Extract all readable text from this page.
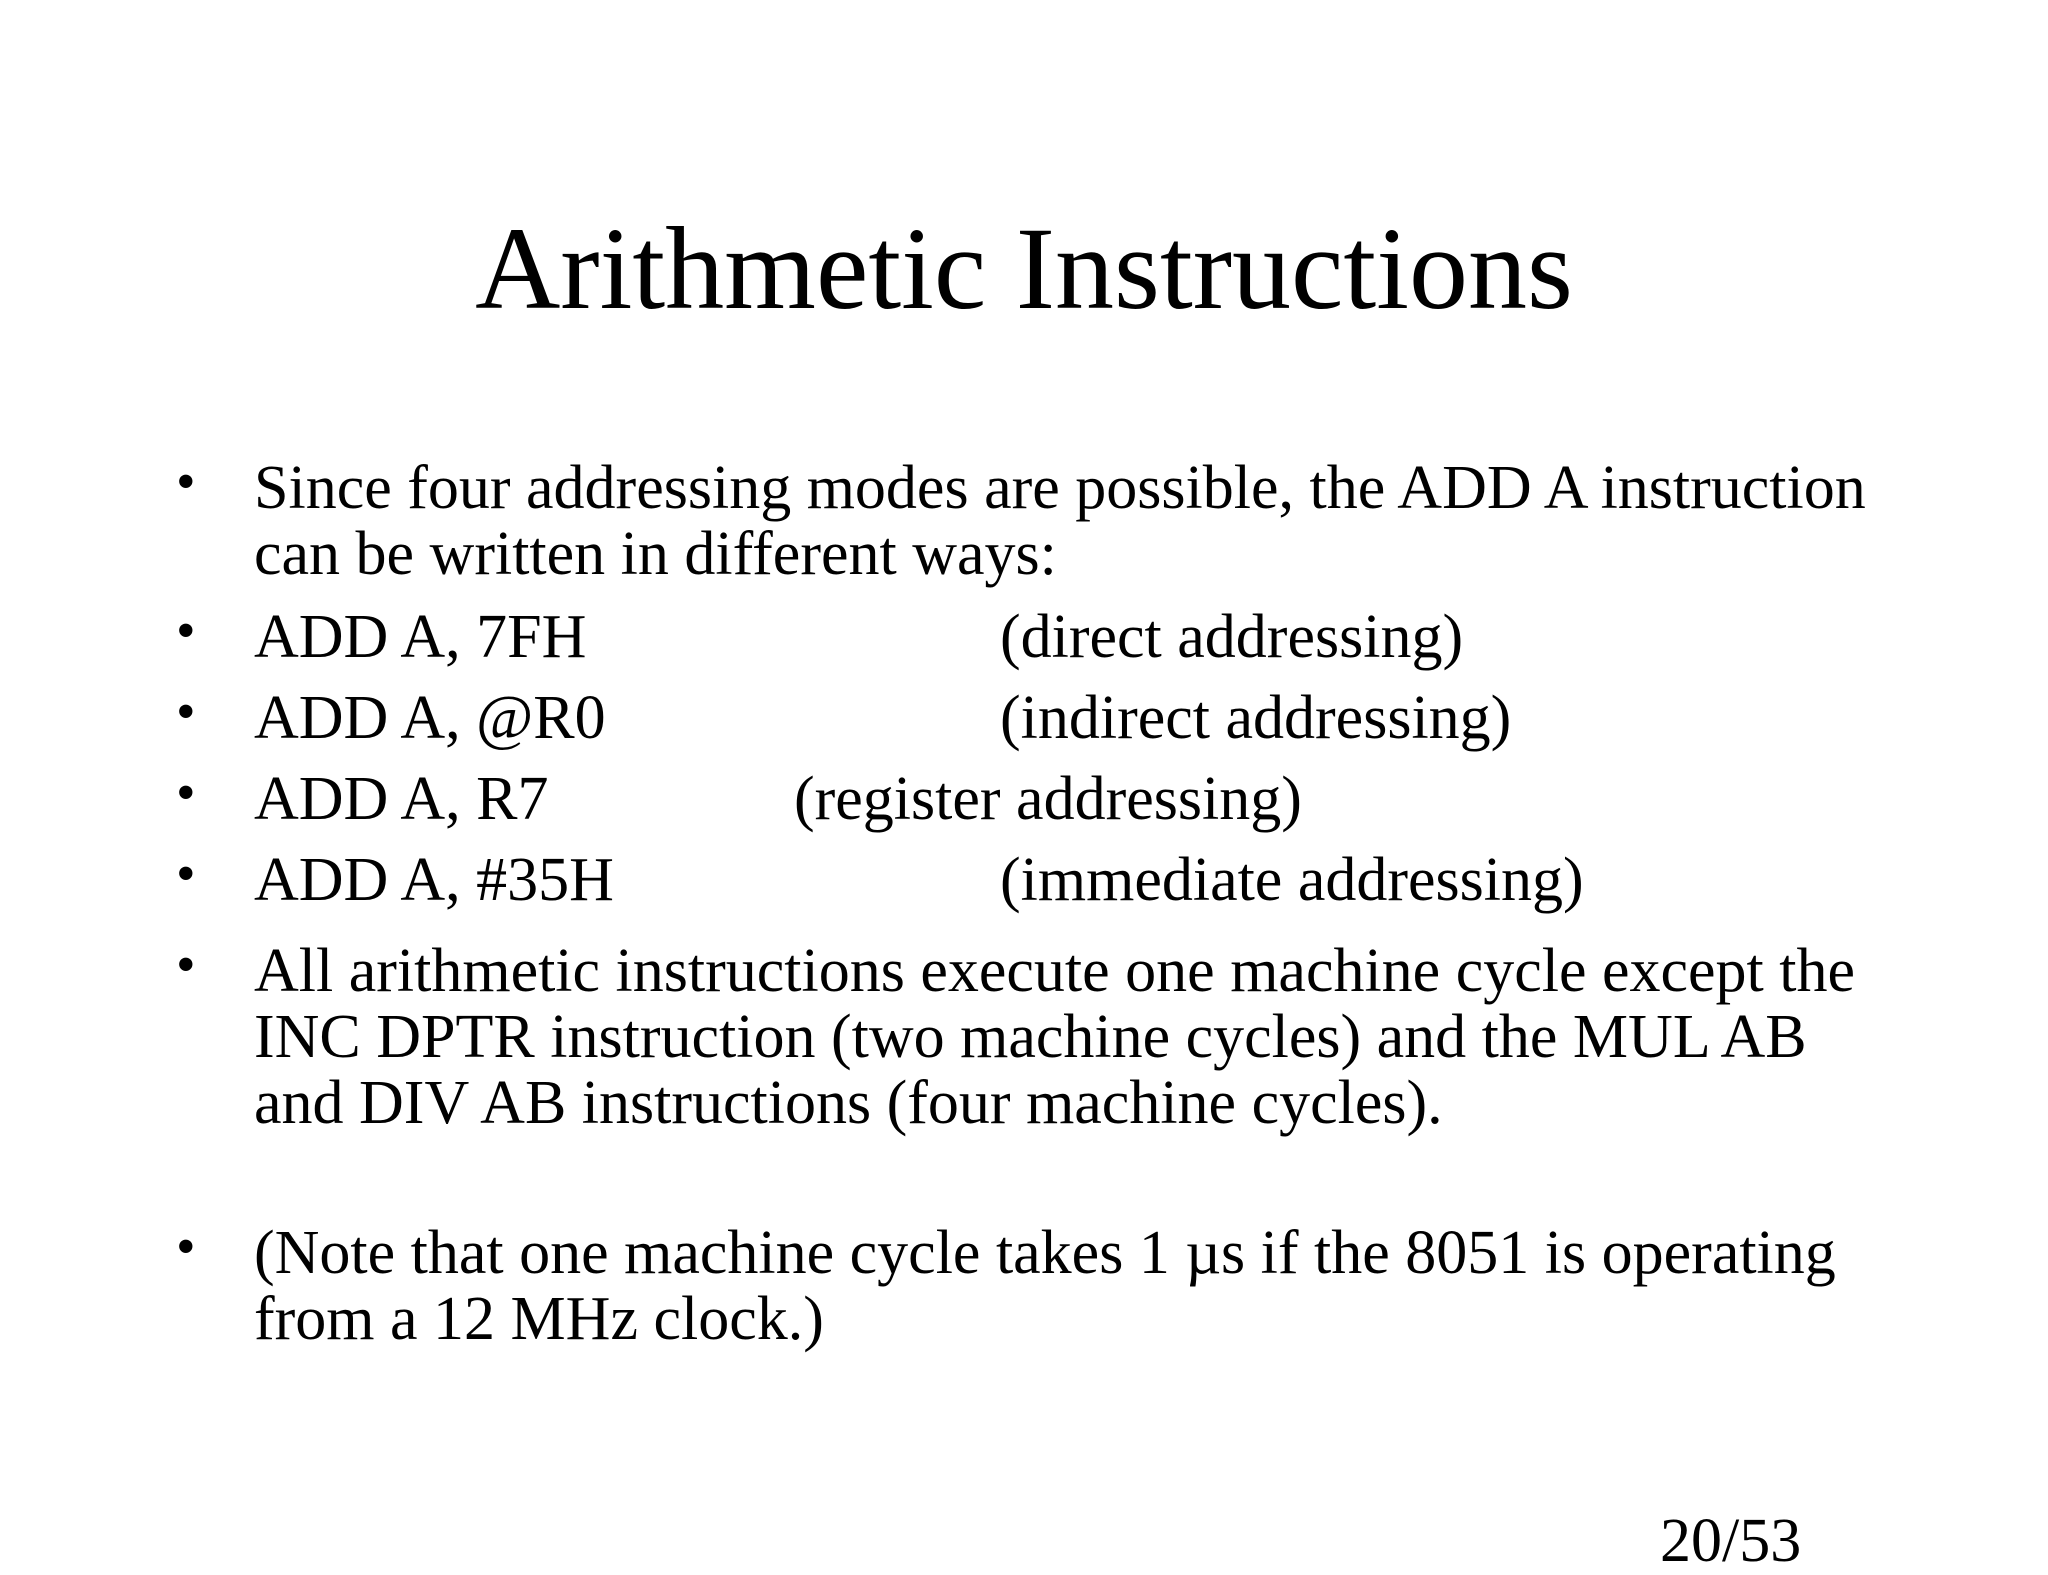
Arithmetic Instructions
• Since four addressing modes are possible, the ADD A instruction can be written in different ways:
• ADD A, 7FH	(direct addressing)
• ADD A, @R0	(indirect addressing)
• ADD A, R7	(register addressing)
• ADD A, #35H	(immediate addressing)
• All arithmetic instructions execute one machine cycle except the INC DPTR instruction (two machine cycles) and the MUL AB and DIV AB instructions (four machine cycles).
• (Note that one machine cycle takes 1 µs if the 8051 is operating from a 12 MHz clock.)
20/53
